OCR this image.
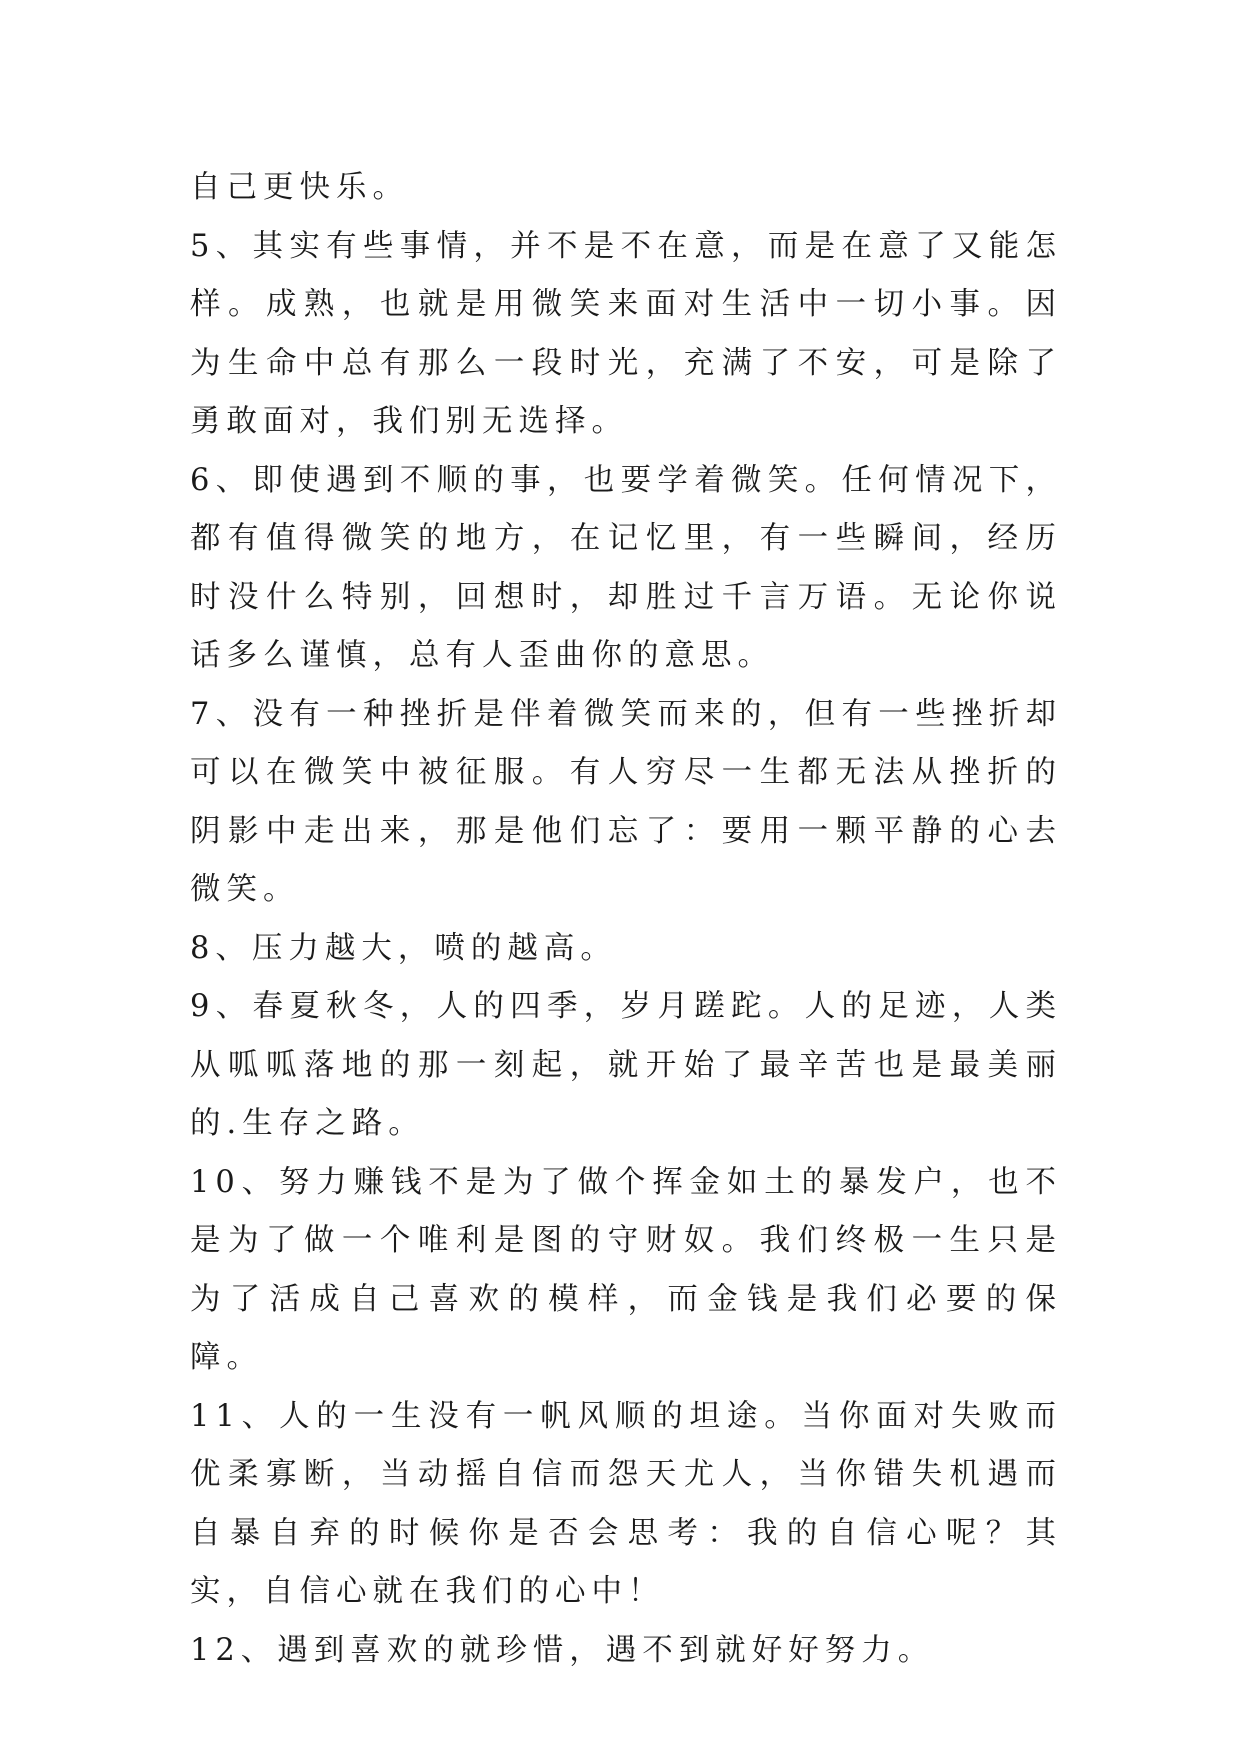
自己更快乐。

5、其实有些事情，并不是不在意，而是在意了又能怎样。成熟，也就是用微笑来面对生活中一切小事。因为生命中总有那么一段时光，充满了不安，可是除了勇敢面对，我们别无选择。

6、即使遇到不顺的事，也要学着微笑。任何情况下，都有值得微笑的地方，在记忆里，有一些瞬间，经历时没什么特别，回想时，却胜过千言万语。无论你说话多么谨慎，总有人歪曲你的意思。

7、没有一种挫折是伴着微笑而来的，但有一些挫折却可以在微笑中被征服。有人穷尽一生都无法从挫折的阴影中走出来，那是他们忘了：要用一颗平静的心去微笑。

8、压力越大，喷的越高。

9、春夏秋冬，人的四季，岁月蹉跎。人的足迹，人类从呱呱落地的那一刻起，就开始了最辛苦也是最美丽的.生存之路。

10、努力赚钱不是为了做个挥金如土的暴发户，也不是为了做一个唯利是图的守财奴。我们终极一生只是为了活成自己喜欢的模样，而金钱是我们必要的保障。

11、人的一生没有一帆风顺的坦途。当你面对失败而优柔寡断，当动摇自信而怨天尤人，当你错失机遇而自暴自弃的时候你是否会思考：我的自信心呢？其实，自信心就在我们的心中！

12、遇到喜欢的就珍惜，遇不到就好好努力。
